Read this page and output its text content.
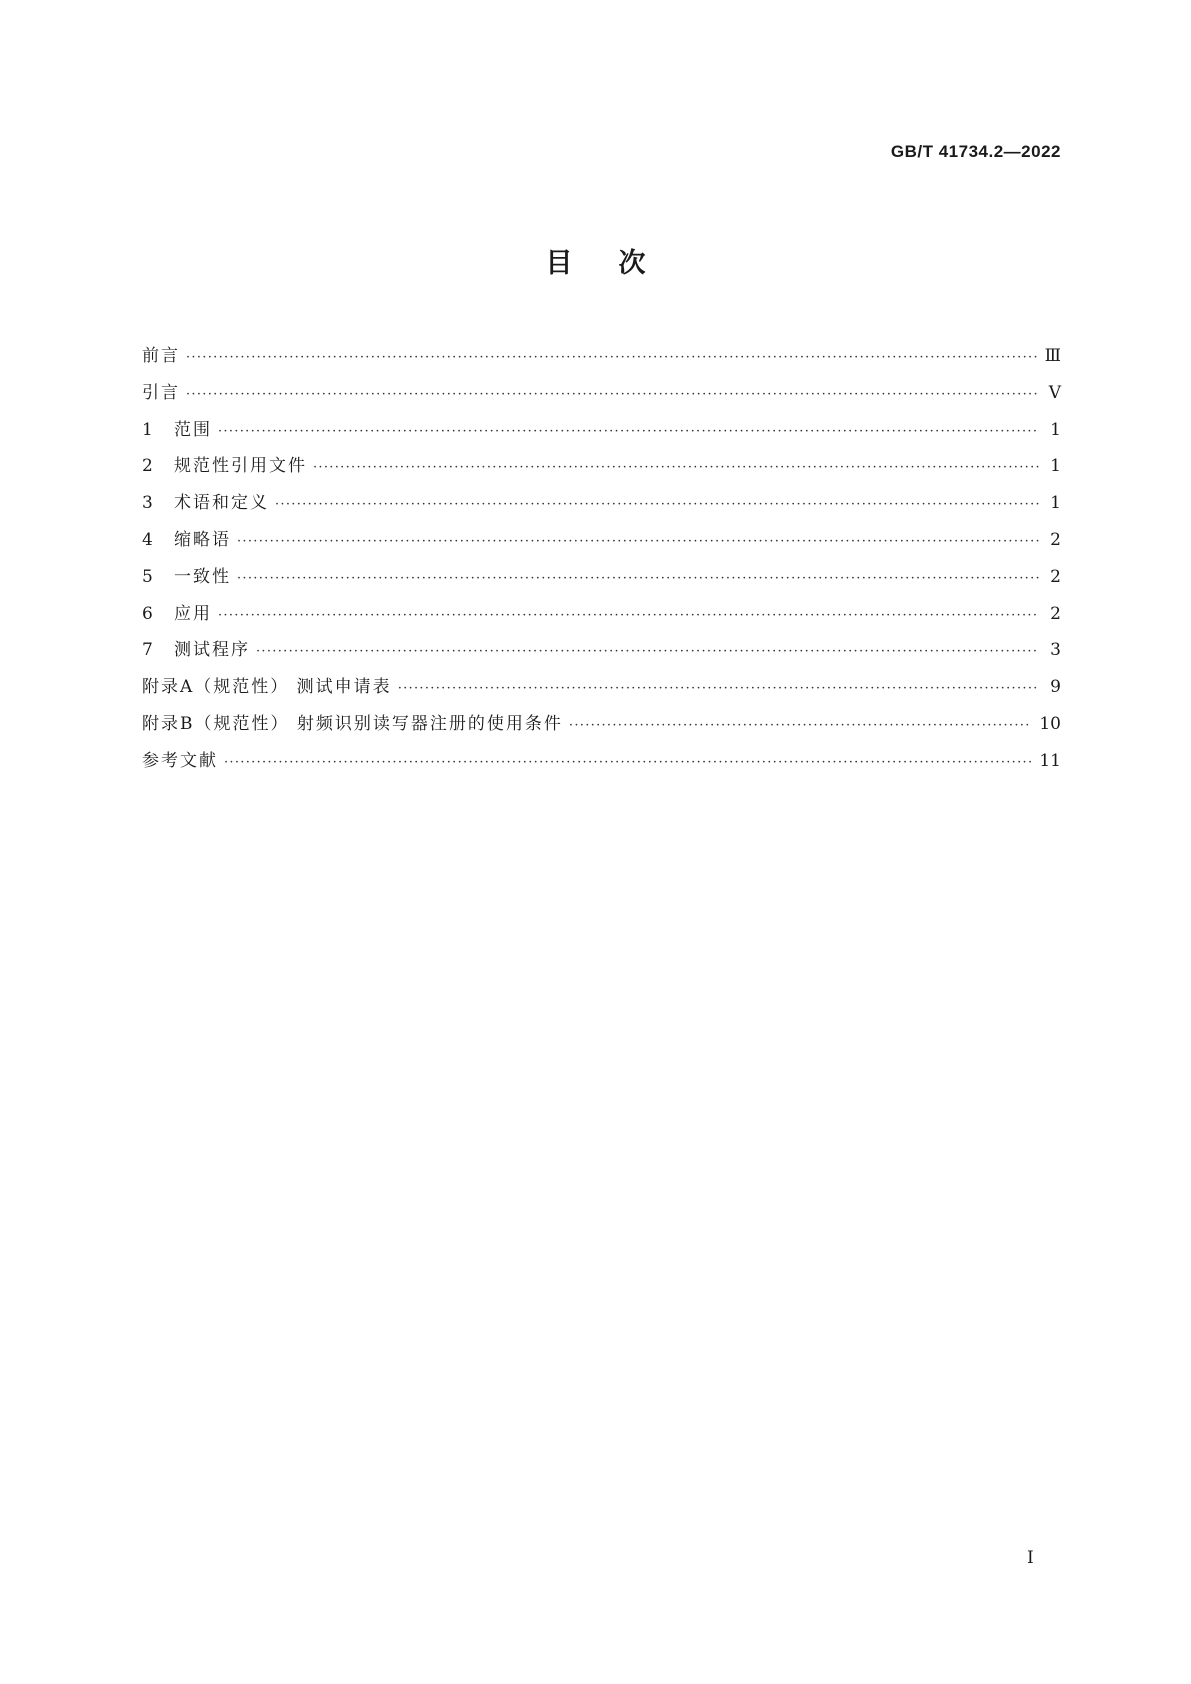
GB/T 41734.2—2022
目次
前言 ·····	Ⅲ
引言 ·····	Ⅴ
1	范围 ·····	1
2	规范性引用文件 ·····	1
3	术语和定义 ·····	1
4	缩略语 ·····	2
5	一致性 ·····	2
6	应用 ·····	2
7	测试程序 ·····	3
附录A（规范性） 测试申请表 ·····	9
附录B（规范性） 射频识别读写器注册的使用条件 ·····	10
参考文献 ·····	11
Ⅰ
